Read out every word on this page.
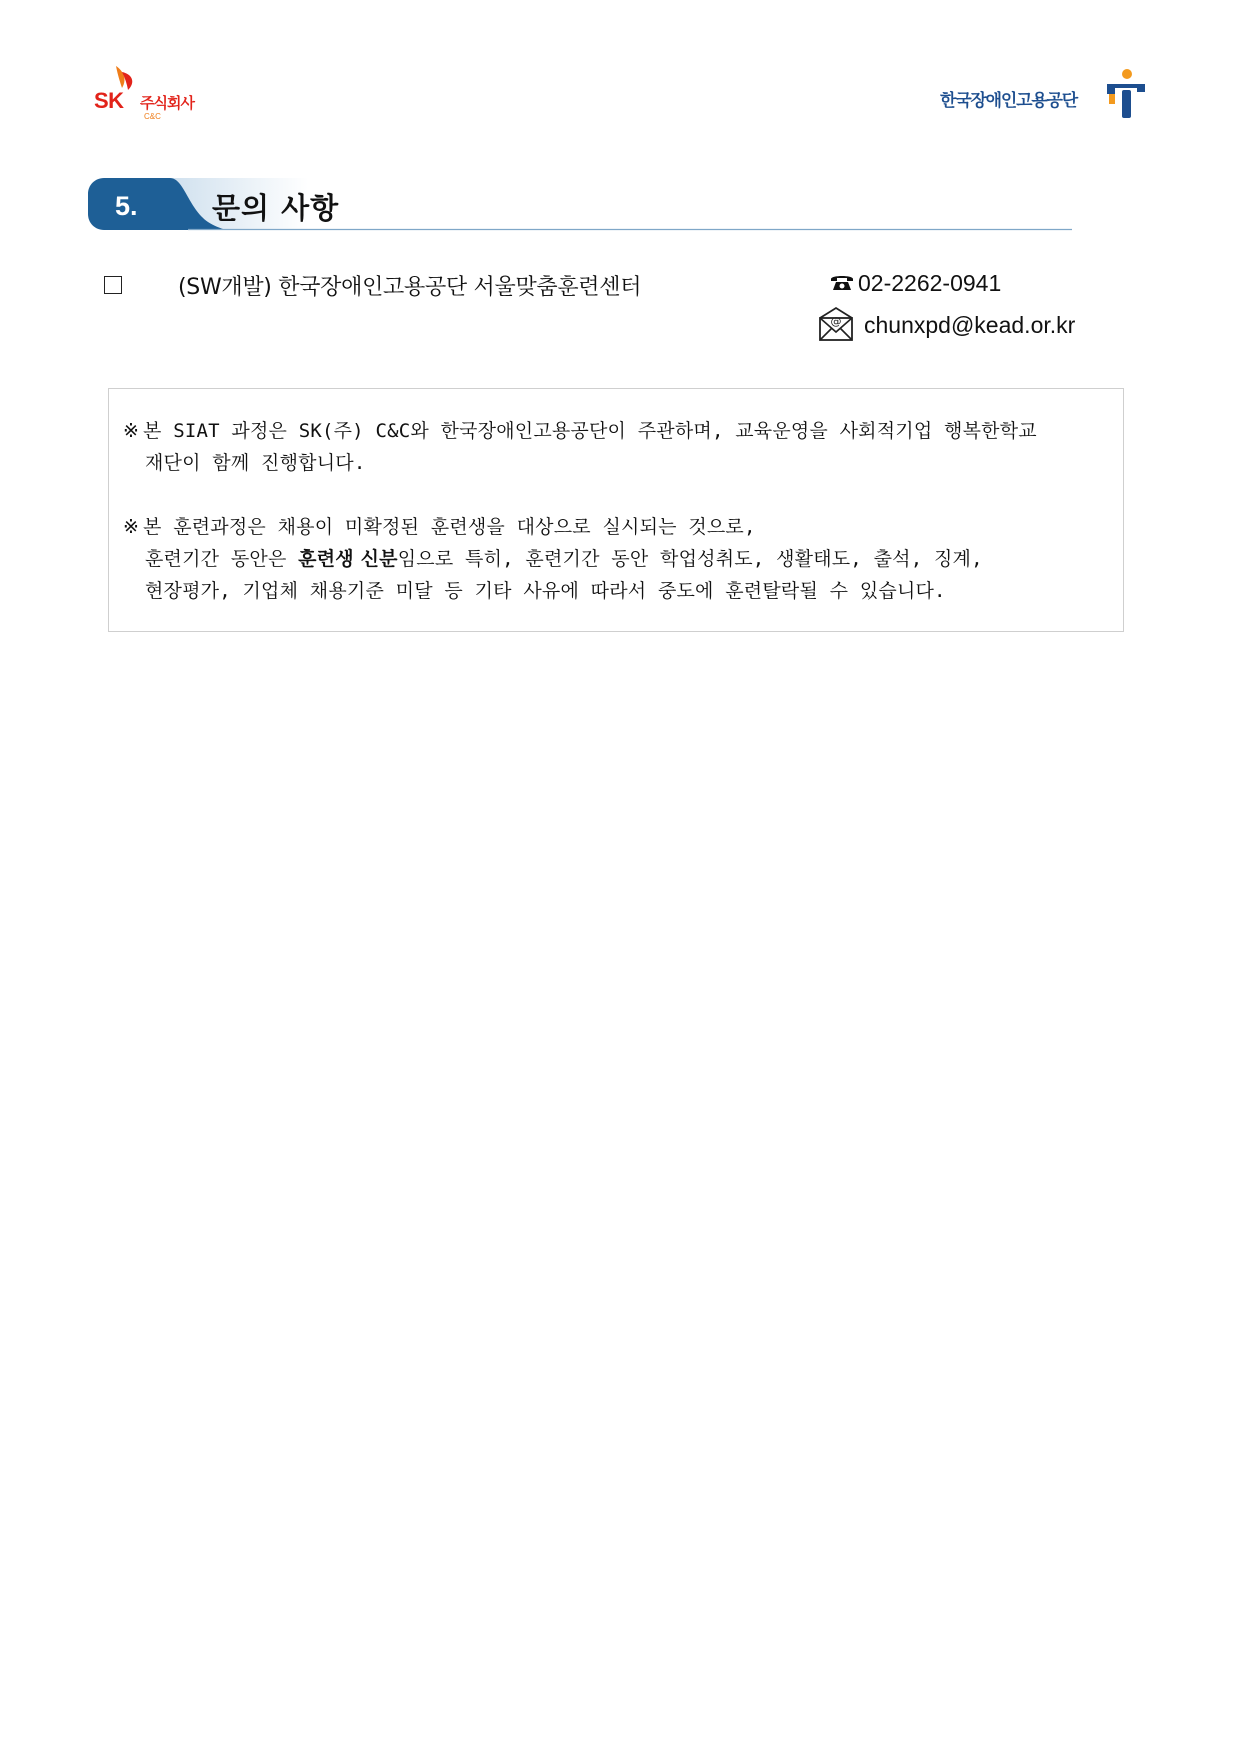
SK 주식회사
C&C
한국장애인고용공단
5.	문의 사항
(SW개발) 한국장애인고용공단 서울맞춤훈련센터	02-2262-0941
@ chunxpd@kead.or.kr
※ 본 SIAT 과정은 SK(주) C&C와 한국장애인고용공단이 주관하며, 교육운영을 사회적기업 행복한학교
재단이 함께 진행합니다.
※ 본 훈련과정은 채용이 미확정된 훈련생을 대상으로 실시되는 것으로,
훈련기간 동안은 훈련생 신분임으로 특히, 훈련기간 동안 학업성취도, 생활태도, 출석, 징계,
현장평가, 기업체 채용기준 미달 등 기타 사유에 따라서 중도에 훈련탈락될 수 있습니다.
